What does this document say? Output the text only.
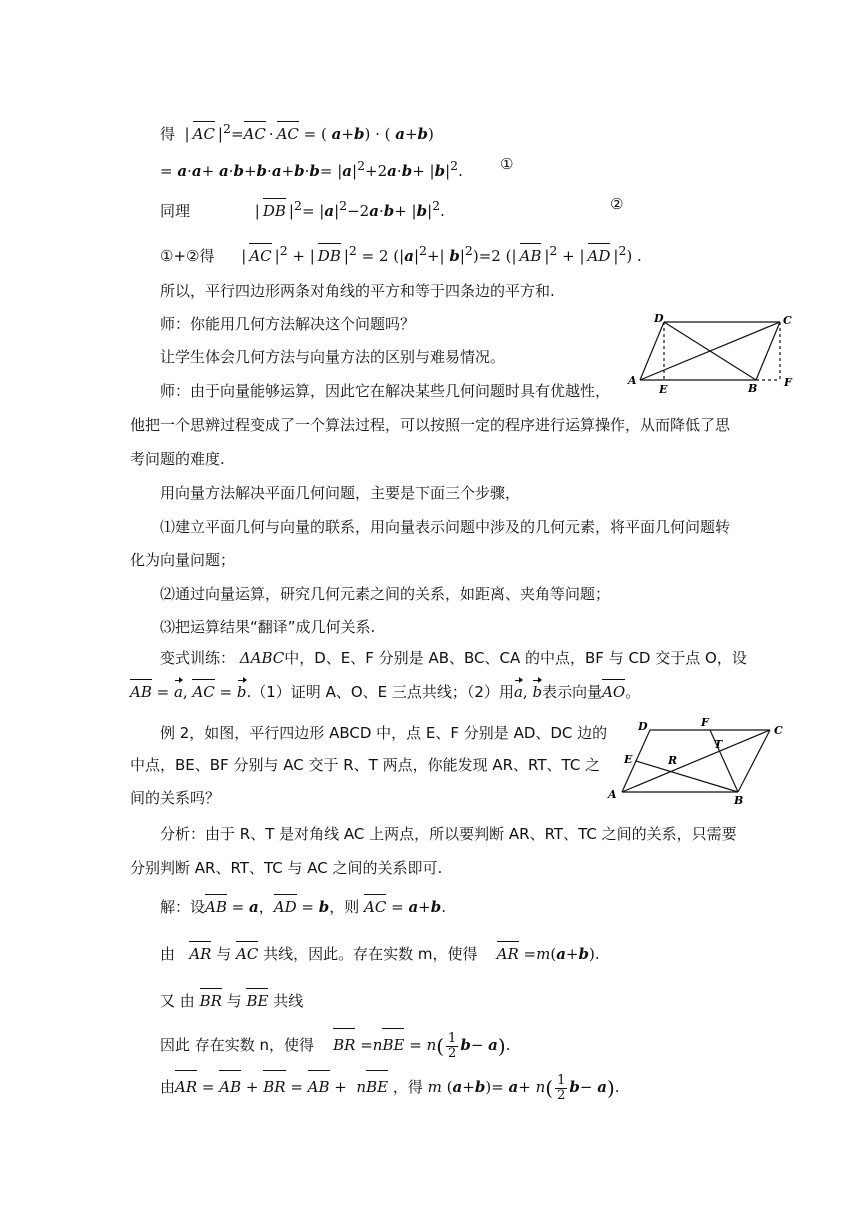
得  | AC $|^2=AC$ · AC = ( a+b) · ( a+b)
= $a\cdot a+ a\cdot b+b\cdot a+b\cdot b= |a|^2+2a\cdot b+ |b|^2$. ①
同理	| DB $|^2= |a|^2-2a\cdot b+ |b|^2$.	②
①+②得 | AC $|^2$ + | DB $|^2 = 2$ ($|a|^2+|$ $b|^2)=2$ (| AB $|^2$ + | AD $|^2$) .
所以，平行四边形两条对角线的平方和等于四条边的平方和.
师：你能用几何方法解决这个问题吗？
让学生体会几何方法与向量方法的区别与难易情况。
师：由于向量能够运算，因此它在解决某些几何问题时具有优越性，
他把一个思辨过程变成了一个算法过程，可以按照一定的程序进行运算操作，从而降低了思
考问题的难度.
用向量方法解决平面几何问题，主要是下面三个步骤，
⑴建立平面几何与向量的联系，用向量表示问题中涉及的几何元素，将平面几何问题转
化为向量问题；
⑵通过向量运算，研究几何元素之间的关系，如距离、夹角等问题；
⑶把运算结果“翻译”成几何关系.
变式训练： ΔABC中，D、E、F 分别是 AB、BC、CA 的中点，BF 与 CD 交于点 O，设
AB = a, AC = b.（1）证明 A、O、E 三点共线；（2）用a, b表示向量AO。
例 2，如图，平行四边形 ABCD 中，点 E、F 分别是 AD、DC 边的
中点，BE、BF 分别与 AC 交于 R、T 两点，你能发现 AR、RT、TC 之
间的关系吗？
分析：由于 R、T 是对角线 AC 上两点，所以要判断 AR、RT、TC 之间的关系，只需要
分别判断 AR、RT、TC 与 AC 之间的关系即可.
解：设AB = a，AD = b，则 AC = a+b.
由 AR 与 AC 共线，因此。存在实数 m，使得 AR =m(a+b).
又 由 BR 与 BE 共线
因此 存在实数 n，使得 BR $=nBE = n( \frac{1}{2} b- a)$.
由AR = AB + BR = AB +  nBE ，得 m $(a+b)= a+ n( \frac{1}{2} b- a)$.
D	C
A
E	B F
D	F
C
T
E	R
A	B
